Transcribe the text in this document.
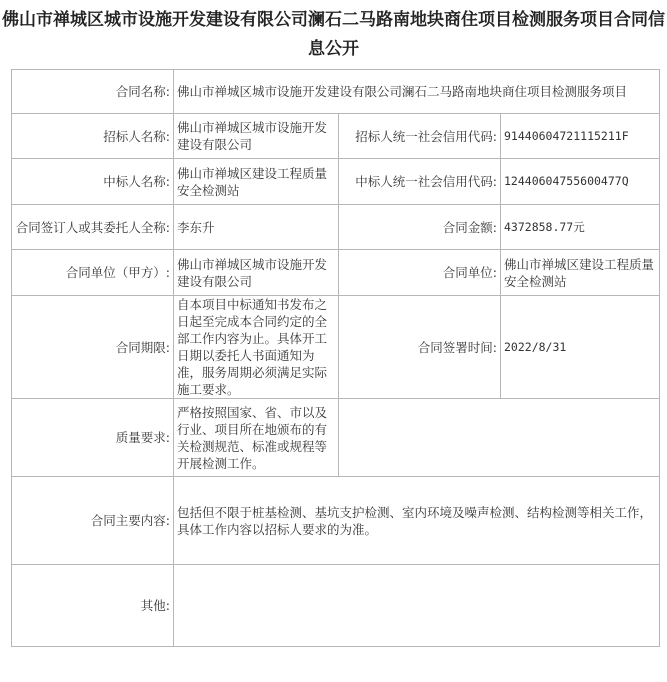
佛山市禅城区城市设施开发建设有限公司澜石二马路南地块商住项目检测服务项目合同信息公开
合同名称:	佛山市禅城区城市设施开发建设有限公司澜石二马路南地块商住项目检测服务项目		
招标人名称:	佛山市禅城区城市设施开发建设有限公司	招标人统一社会信用代码:	91440604721115211F
中标人名称:	佛山市禅城区建设工程质量安全检测站	中标人统一社会信用代码:	12440604755600477Q
合同签订人或其委托人全称:	李东升	合同金额:	4372858.77元
合同单位（甲方）:	佛山市禅城区城市设施开发建设有限公司	合同单位:	佛山市禅城区建设工程质量安全检测站
合同期限:	自本项目中标通知书发布之日起至完成本合同约定的全部工作内容为止。具体开工日期以委托人书面通知为准，服务周期必须满足实际施工要求。	合同签署时间:	2022/8/31
质量要求:	严格按照国家、省、市以及行业、项目所在地颁布的有关检测规范、标准或规程等开展检测工作。		
合同主要内容:	包括但不限于桩基检测、基坑支护检测、室内环境及噪声检测、结构检测等相关工作，具体工作内容以招标人要求的为准。		
其他:			
